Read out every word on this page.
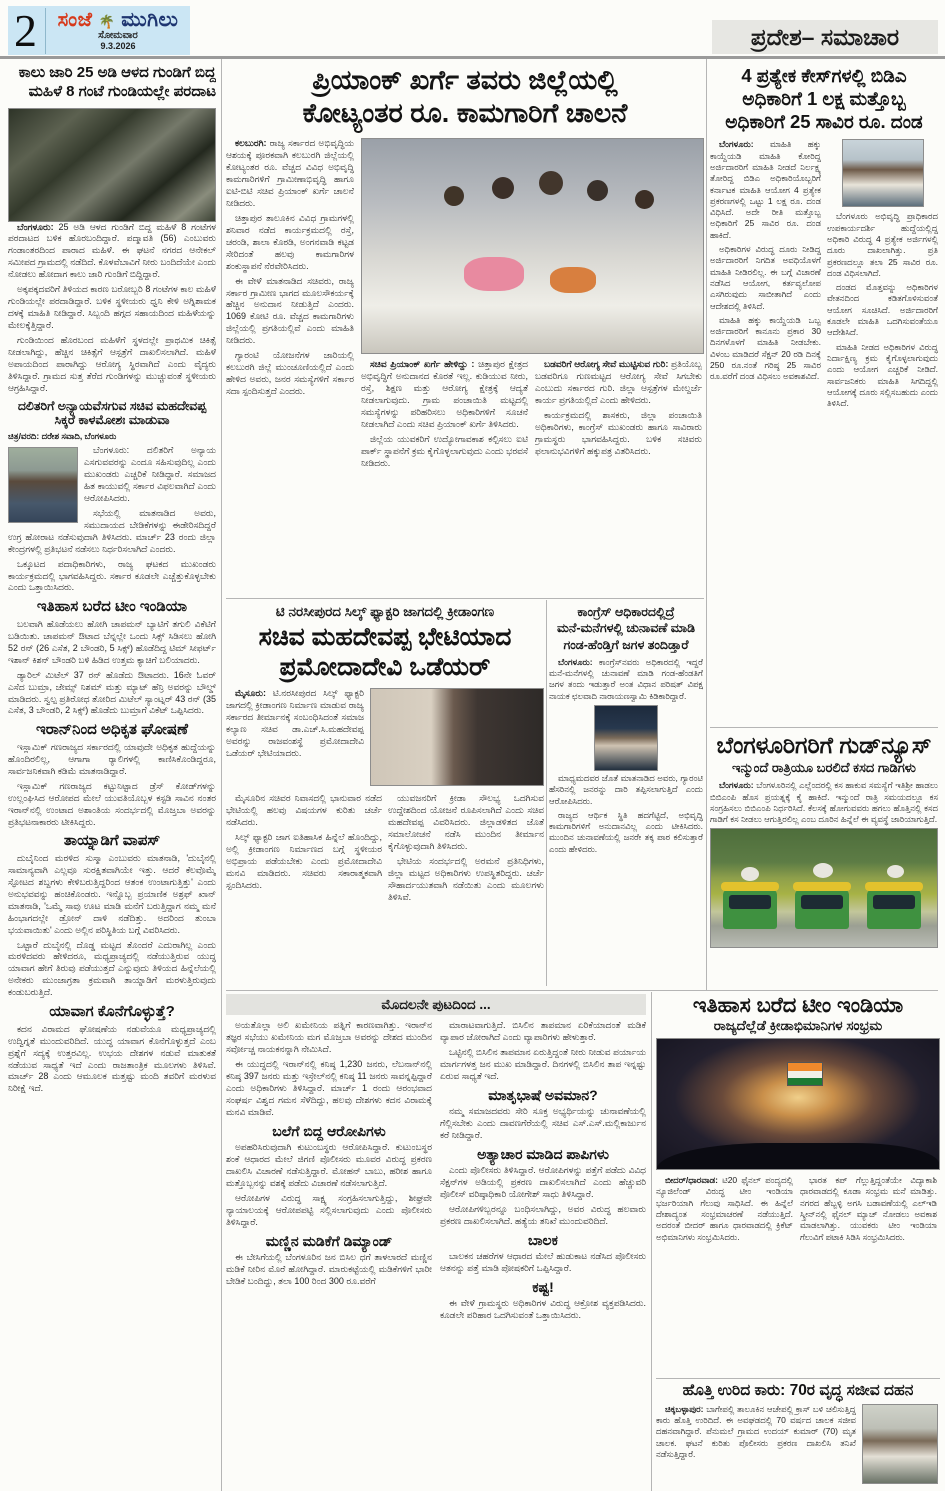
2	ಸಂಜೆ 🌴 ಮುಗಿಲು
ಸೋಮವಾರ
9.3.2026	ಪ್ರದೇಶ– ಸಮಾಚಾರ
ಕಾಲು ಜಾರಿ 25 ಅಡಿ ಆಳದ ಗುಂಡಿಗೆ ಬಿದ್ದ ಮಹಿಳೆ 8 ಗಂಟೆ ಗುಂಡಿಯಲ್ಲೇ ಪರದಾಟ

ಬೆಂಗಳೂರು: 25 ಅಡಿ ಆಳದ ಗುಂಡಿಗೆ ಬಿದ್ದ ಮಹಿಳೆ 8 ಗಂಟೆಗಳ ಪರದಾಟದ ಬಳಿಕ ಹೊರಬಂದಿದ್ದಾರೆ. ಪದ್ಮಾವತಿ (56) ಎಂಬುವರು ಗಂಡಾಂತರದಿಂದ ಪಾರಾದ ಮಹಿಳೆ. ಈ ಘಟನೆ ನಗರದ ಆನೇಕಲ್ ಸಮೀಪದ ಗ್ರಾಮದಲ್ಲಿ ನಡೆದಿದೆ. ಕೊಳವೆಬಾವಿಗೆ ನೀರು ಬಂದಿದೆಯೇ ಎಂದು ನೋಡಲು ಹೋದಾಗ ಕಾಲು ಜಾರಿ ಗುಂಡಿಗೆ ಬಿದ್ದಿದ್ದಾರೆ.

ಅಕ್ಕಪಕ್ಕದವರಿಗೆ ತಿಳಿಯದ ಕಾರಣ ಬರೋಬ್ಬರಿ 8 ಗಂಟೆಗಳ ಕಾಲ ಮಹಿಳೆ ಗುಂಡಿಯಲ್ಲೇ ಪರದಾಡಿದ್ದಾರೆ. ಬಳಿಕ ಸ್ಥಳೀಯರು ಧ್ವನಿ ಕೇಳಿ ಅಗ್ನಿಶಾಮಕ ದಳಕ್ಕೆ ಮಾಹಿತಿ ನೀಡಿದ್ದಾರೆ. ಸಿಬ್ಬಂದಿ ಹಗ್ಗದ ಸಹಾಯದಿಂದ ಮಹಿಳೆಯನ್ನು ಮೇಲಕ್ಕೆತ್ತಿದ್ದಾರೆ.

ಗುಂಡಿಯಿಂದ ಹೊರಬಂದ ಮಹಿಳೆಗೆ ಸ್ಥಳದಲ್ಲೇ ಪ್ರಾಥಮಿಕ ಚಿಕಿತ್ಸೆ ನೀಡಲಾಗಿದ್ದು, ಹೆಚ್ಚಿನ ಚಿಕಿತ್ಸೆಗೆ ಆಸ್ಪತ್ರೆಗೆ ದಾಖಲಿಸಲಾಗಿದೆ. ಮಹಿಳೆ ಅಪಾಯದಿಂದ ಪಾರಾಗಿದ್ದು ಆರೋಗ್ಯ ಸ್ಥಿರವಾಗಿದೆ ಎಂದು ವೈದ್ಯರು ತಿಳಿಸಿದ್ದಾರೆ. ಗ್ರಾಮದ ಸುತ್ತ ತೆರೆದ ಗುಂಡಿಗಳನ್ನು ಮುಚ್ಚುವಂತೆ ಸ್ಥಳೀಯರು ಆಗ್ರಹಿಸಿದ್ದಾರೆ.

ದಲಿತರಿಗೆ ಅನ್ಯಾಯವೆಸಗುವ ಸಚಿವ ಮಹದೇವಪ್ಪ ಸಿಕ್ಕರೆ ಕಾಳಮೋಶಃ ಮಾಡುವಾ
ಚಿತ್ರ/ವರದಿ: ದರೇಶ ಸವಾದಿ, ಬೆಂಗಳೂರು

ಬೆಂಗಳೂರು: ದಲಿತರಿಗೆ ಅನ್ಯಾಯ ಎಸಗುವವರನ್ನು ಎಂದೂ ಸಹಿಸುವುದಿಲ್ಲ ಎಂದು ಮುಖಂಡರು ಎಚ್ಚರಿಕೆ ನೀಡಿದ್ದಾರೆ. ಸಮಾಜದ ಹಿತ ಕಾಯುವಲ್ಲಿ ಸರ್ಕಾರ ವಿಫಲವಾಗಿದೆ ಎಂದು ಆರೋಪಿಸಿದರು.

ಸಭೆಯಲ್ಲಿ ಮಾತನಾಡಿದ ಅವರು, ಸಮುದಾಯದ ಬೇಡಿಕೆಗಳನ್ನು ಈಡೇರಿಸದಿದ್ದರೆ ಉಗ್ರ ಹೋರಾಟ ನಡೆಸುವುದಾಗಿ ತಿಳಿಸಿದರು. ಮಾರ್ಚ್ 23 ರಂದು ಜಿಲ್ಲಾ ಕೇಂದ್ರಗಳಲ್ಲಿ ಪ್ರತಿಭಟನೆ ನಡೆಸಲು ನಿರ್ಧರಿಸಲಾಗಿದೆ ಎಂದರು.

ಒಕ್ಕೂಟದ ಪದಾಧಿಕಾರಿಗಳು, ರಾಜ್ಯ ಘಟಕದ ಮುಖಂಡರು ಕಾರ್ಯಕ್ರಮದಲ್ಲಿ ಭಾಗವಹಿಸಿದ್ದರು. ಸರ್ಕಾರ ಕೂಡಲೇ ಎಚ್ಚೆತ್ತುಕೊಳ್ಳಬೇಕು ಎಂದು ಒತ್ತಾಯಿಸಿದರು.

ಇತಿಹಾಸ ಬರೆದ ಟೀಂ ಇಂಡಿಯಾ

ಬಲವಾಗಿ ಹೊಡೆಯಲು ಹೋಗಿ ಚಾಪಮನ್ ಬ್ಯಾಟಿಗೆ ತಗುಲಿ ವಿಕೆಟಿಗೆ ಬಡಿಯಿತು. ಚಾಪಮನ್ ಔಟಾದ ಬೆನ್ನಲ್ಲೇ ಒಂದು ಸಿಕ್ಸ್ ಸಿಡಿಸಲು ಹೋಗಿ 52 ರನ್ (26 ಎಸೆತ, 2 ಬೌಂಡರಿ, 5 ಸಿಕ್ಸ್) ಹೊಡೆದಿದ್ದ ಟಿಮ್ ಸೀಫರ್ಟ್ ಇಶಾನ್ ಕಿಶನ್ ಬೌಂಡರಿ ಬಳಿ ಹಿಡಿದ ಉತ್ತಮ ಕ್ಯಾಚಿಗೆ ಬಲಿಯಾದರು.

ಡ್ಯಾರಿಲ್ ಮಿಟೆಲ್ 37 ರನ್ ಹೊಡೆದು ಔಟಾದರು. 16ನೇ ಓವರ್ ಎಸೆದ ಬುಮ್ರಾ, ಜೇಮ್ಸ್ ನಿಶಮ್ ಮತ್ತು ಮ್ಯಾಟ್ ಹೆನ್ರಿ ಅವರನ್ನು ಬೌಲ್ಡ್ ಮಾಡಿದರು. ಸ್ವಲ್ಪ ಪ್ರತಿರೋಧ ತೋರಿದ ಮಿಟೆಲ್ ಸ್ಯಾಂಟ್ನರ್ 43 ರನ್ (35 ಎಸೆತ, 3 ಬೌಂಡರಿ, 2 ಸಿಕ್ಸ್) ಹೊಡೆದು ಬುಮ್ರಾಗೆ ವಿಕೆಟ್ ಒಪ್ಪಿಸಿದರು.

ಇರಾನ್‌ನಿಂದ ಅಧಿಕೃತ ಘೋಷಣೆ

ಇಸ್ಲಾಮಿಕ್ ಗಣರಾಜ್ಯದ ಸರ್ಕಾರದಲ್ಲಿ ಯಾವುದೇ ಅಧಿಕೃತ ಹುದ್ದೆಯನ್ನು ಹೊಂದಿರಲಿಲ್ಲ, ಆಗಾಗಾ ರ‍್ಯಾಲಿಗಳಲ್ಲಿ ಕಾಣಿಸಿಕೊಂಡಿದ್ದರೂ, ಸಾರ್ವಜನಿಕವಾಗಿ ಕಡಿಮೆ ಮಾತನಾಡಿದ್ದಾರೆ.

ಇಸ್ಲಾಮಿಕ್ ಗಣರಾಜ್ಯದ ಕಟ್ಟುನಿಟ್ಟಾದ ಡ್ರೆಸ್ ಕೋಡ್‌ಗಳನ್ನು ಉಲ್ಲಂಘಿಸಿದ ಆರೋಪದ ಮೇಲೆ ಯುವತಿಯೊಬ್ಬಳ ಕಸ್ಟಡಿ ಸಾವಿನ ನಂತರ ಇರಾನ್‌ನಲ್ಲಿ ಉಂಟಾದ ಅಶಾಂತಿಯ ಸಂದರ್ಭದಲ್ಲಿ ಮೊಜ್ತಬಾ ಅವರನ್ನು ಪ್ರತಿಭಟನಾಕಾರರು ಟೀಕಿಸಿದ್ದರು.

ತಾಯ್ನಾಡಿಗೆ ವಾಪಸ್

ದುಬೈನಿಂದ ಮರಳಿದ ಸುಸ್ಮಾ ಎಂಬುವರು ಮಾತನಾಡಿ, 'ದುಬೈನಲ್ಲಿ ಸಾಮಾನ್ಯವಾಗಿ ಎಲ್ಲವೂ ಸುರಕ್ಷಿತವಾಗಿಯೇ ಇತ್ತು. ಆದರೆ ಕೆಲವೊಮ್ಮೆ ಸ್ಫೋಟದ ಶಬ್ದಗಳು ಕೇಳಿಬರುತ್ತಿದ್ದರಿಂದ ಆತಂಕ ಉಂಟಾಗುತ್ತಿತ್ತು' ಎಂದು ಅನುಭವವನ್ನು ಹಂಚಿಕೊಂಡರು. ಇನ್ನೊಬ್ಬ ಪ್ರಯಾಣಿಕ ಅಶ್ರಫ್ ಖಾನ್ ಮಾತನಾಡಿ, 'ಒಮ್ಮೆ ಸಾವು ಊಟ ಮಾಡಿ ಮನೆಗೆ ಬರುತ್ತಿದ್ದಾಗ ನಮ್ಮ ಮನೆ ಹಿಂಭಾಗದಲ್ಲೇ ಡ್ರೋನ್ ದಾಳಿ ನಡೆದಿತ್ತು. ಅದರಿಂದ ತುಂಬಾ ಭಯವಾಯಿತು' ಎಂದು ಅಲ್ಲಿನ ಪರಿಸ್ಥಿತಿಯ ಬಗ್ಗೆ ವಿವರಿಸಿದರು.

ಒಟ್ಟಾರೆ ದುಬೈನಲ್ಲಿ ದೊಡ್ಡ ಮಟ್ಟದ ತೊಂದರೆ ಎದುರಾಗಿಲ್ಲ ಎಂದು ಮರಳಿದವರು ಹೇಳಿದರೂ, ಮಧ್ಯಪ್ರಾಚ್ಯದಲ್ಲಿ ನಡೆಯುತ್ತಿರುವ ಯುದ್ಧ ಯಾವಾಗ ಹೇಗೆ ತಿರುವು ಪಡೆಯುತ್ತದೆ ಎನ್ನುವುದು ತಿಳಿಯದ ಹಿನ್ನೆಲೆಯಲ್ಲಿ ಅನೇಕರು ಮುಂಜಾಗ್ರತಾ ಕ್ರಮವಾಗಿ ತಾಯ್ನಾಡಿಗೆ ಮರಳುತ್ತಿರುವುದು ಕಂಡುಬರುತ್ತಿದೆ.

ಯಾವಾಗ ಕೊನೆಗೊಳ್ಳುತ್ತೆ?

ಕದನ ವಿರಾಮದ ಘೋಷಣೆಯ ನಡುವೆಯೂ ಮಧ್ಯಪ್ರಾಚ್ಯದಲ್ಲಿ ಉದ್ವಿಗ್ನತೆ ಮುಂದುವರಿದಿದೆ. ಯುದ್ಧ ಯಾವಾಗ ಕೊನೆಗೊಳ್ಳುತ್ತದೆ ಎಂಬ ಪ್ರಶ್ನೆಗೆ ಸದ್ಯಕ್ಕೆ ಉತ್ತರವಿಲ್ಲ. ಉಭಯ ದೇಶಗಳ ನಡುವೆ ಮಾತುಕತೆ ನಡೆಯುವ ಸಾಧ್ಯತೆ ಇದೆ ಎಂದು ರಾಜತಾಂತ್ರಿಕ ಮೂಲಗಳು ತಿಳಿಸಿವೆ. ಮಾರ್ಚ್ 28 ಎಂದು ಆಮೂಲಕ ಮತ್ತಷ್ಟು ಮಂದಿ ತವರಿಗೆ ಮರಳುವ ನಿರೀಕ್ಷೆ ಇದೆ.

ಪ್ರಿಯಾಂಕ್ ಖರ್ಗೆ ತವರು ಜಿಲ್ಲೆಯಲ್ಲಿ
ಕೋಟ್ಯಂತರ ರೂ. ಕಾಮಗಾರಿಗೆ ಚಾಲನೆ

ಕಲಬುರಗಿ: ರಾಜ್ಯ ಸರ್ಕಾರದ ಅಭಿವೃದ್ಧಿಯ ಆಶಯಕ್ಕೆ ಪೂರಕವಾಗಿ ಕಲಬುರಗಿ ಜಿಲ್ಲೆಯಲ್ಲಿ ಕೋಟ್ಯಂತರ ರೂ. ವೆಚ್ಚದ ವಿವಿಧ ಅಭಿವೃದ್ಧಿ ಕಾಮಗಾರಿಗಳಿಗೆ ಗ್ರಾಮೀಣಾಭಿವೃದ್ಧಿ ಹಾಗೂ ಐಟಿ-ಬಿಟಿ ಸಚಿವ ಪ್ರಿಯಾಂಕ್ ಖರ್ಗೆ ಚಾಲನೆ ನೀಡಿದರು.

ಚಿತ್ತಾಪುರ ತಾಲೂಕಿನ ವಿವಿಧ ಗ್ರಾಮಗಳಲ್ಲಿ ಶನಿವಾರ ನಡೆದ ಕಾರ್ಯಕ್ರಮದಲ್ಲಿ ರಸ್ತೆ, ಚರಂಡಿ, ಶಾಲಾ ಕೊಠಡಿ, ಅಂಗನವಾಡಿ ಕಟ್ಟಡ ಸೇರಿದಂತೆ ಹಲವು ಕಾಮಗಾರಿಗಳ ಶಂಕುಸ್ಥಾಪನೆ ನೆರವೇರಿಸಿದರು.

ಈ ವೇಳೆ ಮಾತನಾಡಿದ ಸಚಿವರು, ರಾಜ್ಯ ಸರ್ಕಾರ ಗ್ರಾಮೀಣ ಭಾಗದ ಮೂಲಸೌಕರ್ಯಕ್ಕೆ ಹೆಚ್ಚಿನ ಅನುದಾನ ನೀಡುತ್ತಿದೆ ಎಂದರು. 1069 ಕೋಟಿ ರೂ. ವೆಚ್ಚದ ಕಾಮಗಾರಿಗಳು ಜಿಲ್ಲೆಯಲ್ಲಿ ಪ್ರಗತಿಯಲ್ಲಿವೆ ಎಂದು ಮಾಹಿತಿ ನೀಡಿದರು.

ಗ್ಯಾರಂಟಿ ಯೋಜನೆಗಳ ಜಾರಿಯಲ್ಲಿ ಕಲಬುರಗಿ ಜಿಲ್ಲೆ ಮುಂಚೂಣಿಯಲ್ಲಿದೆ ಎಂದು ಹೇಳಿದ ಅವರು, ಜನರ ಸಮಸ್ಯೆಗಳಿಗೆ ಸರ್ಕಾರ ಸದಾ ಸ್ಪಂದಿಸುತ್ತದೆ ಎಂದರು.

ಸಚಿವ ಪ್ರಿಯಾಂಕ್ ಖರ್ಗೆ ಹೇಳಿದ್ದು : ಚಿತ್ತಾಪುರ ಕ್ಷೇತ್ರದ ಅಭಿವೃದ್ಧಿಗೆ ಅನುದಾನದ ಕೊರತೆ ಇಲ್ಲ. ಕುಡಿಯುವ ನೀರು, ರಸ್ತೆ, ಶಿಕ್ಷಣ ಮತ್ತು ಆರೋಗ್ಯ ಕ್ಷೇತ್ರಕ್ಕೆ ಆದ್ಯತೆ ನೀಡಲಾಗುವುದು. ಗ್ರಾಮ ಪಂಚಾಯಿತಿ ಮಟ್ಟದಲ್ಲಿ ಸಮಸ್ಯೆಗಳನ್ನು ಪರಿಹರಿಸಲು ಅಧಿಕಾರಿಗಳಿಗೆ ಸೂಚನೆ ನೀಡಲಾಗಿದೆ ಎಂದು ಸಚಿವ ಪ್ರಿಯಾಂಕ್ ಖರ್ಗೆ ತಿಳಿಸಿದರು.

ಜಿಲ್ಲೆಯ ಯುವಕರಿಗೆ ಉದ್ಯೋಗಾವಕಾಶ ಕಲ್ಪಿಸಲು ಐಟಿ ಪಾರ್ಕ್ ಸ್ಥಾಪನೆಗೆ ಕ್ರಮ ಕೈಗೊಳ್ಳಲಾಗುವುದು ಎಂದು ಭರವಸೆ ನೀಡಿದರು.

ಬಡವರಿಗೆ ಆರೋಗ್ಯ ಸೇವೆ ಮುಟ್ಟಿಸುವ ಗುರಿ: ಪ್ರತಿಯೊಬ್ಬ ಬಡವರಿಗೂ ಗುಣಮಟ್ಟದ ಆರೋಗ್ಯ ಸೇವೆ ಸಿಗಬೇಕು ಎಂಬುದು ಸರ್ಕಾರದ ಗುರಿ. ಜಿಲ್ಲಾ ಆಸ್ಪತ್ರೆಗಳ ಮೇಲ್ದರ್ಜೆ ಕಾರ್ಯ ಪ್ರಗತಿಯಲ್ಲಿದೆ ಎಂದು ಹೇಳಿದರು.

ಕಾರ್ಯಕ್ರಮದಲ್ಲಿ ಶಾಸಕರು, ಜಿಲ್ಲಾ ಪಂಚಾಯಿತಿ ಅಧಿಕಾರಿಗಳು, ಕಾಂಗ್ರೆಸ್ ಮುಖಂಡರು ಹಾಗೂ ಸಾವಿರಾರು ಗ್ರಾಮಸ್ಥರು ಭಾಗವಹಿಸಿದ್ದರು. ಬಳಿಕ ಸಚಿವರು ಫಲಾನುಭವಿಗಳಿಗೆ ಹಕ್ಕುಪತ್ರ ವಿತರಿಸಿದರು.

ಟಿ ನರಸೀಪುರದ ಸಿಲ್ಕ್ ಫ್ಯಾಕ್ಟರಿ ಜಾಗದಲ್ಲಿ ಕ್ರೀಡಾಂಗಣ
ಸಚಿವ ಮಹದೇವಪ್ಪ ಭೇಟಿಯಾದ
ಪ್ರಮೋದಾದೇವಿ ಒಡೆಯರ್

ಮೈಸೂರು: ಟಿ.ನರಸೀಪುರದ ಸಿಲ್ಕ್ ಫ್ಯಾಕ್ಟರಿ ಜಾಗದಲ್ಲಿ ಕ್ರೀಡಾಂಗಣ ನಿರ್ಮಾಣ ಮಾಡುವ ರಾಜ್ಯ ಸರ್ಕಾರದ ತೀರ್ಮಾನಕ್ಕೆ ಸಂಬಂಧಿಸಿದಂತೆ ಸಮಾಜ ಕಲ್ಯಾಣ ಸಚಿವ ಡಾ.ಎಚ್.ಸಿ.ಮಹದೇವಪ್ಪ ಅವರನ್ನು ರಾಜವಂಶಸ್ಥೆ ಪ್ರಮೋದಾದೇವಿ ಒಡೆಯರ್ ಭೇಟಿಯಾದರು.

ಮೈಸೂರಿನ ಸಚಿವರ ನಿವಾಸದಲ್ಲಿ ಭಾನುವಾರ ನಡೆದ ಭೇಟಿಯಲ್ಲಿ ಹಲವು ವಿಷಯಗಳ ಕುರಿತು ಚರ್ಚೆ ನಡೆಸಿದರು.

ಸಿಲ್ಕ್ ಫ್ಯಾಕ್ಟರಿ ಜಾಗ ಐತಿಹಾಸಿಕ ಹಿನ್ನೆಲೆ ಹೊಂದಿದ್ದು, ಅಲ್ಲಿ ಕ್ರೀಡಾಂಗಣ ನಿರ್ಮಾಣದ ಬಗ್ಗೆ ಸ್ಥಳೀಯರ ಅಭಿಪ್ರಾಯ ಪಡೆಯಬೇಕು ಎಂದು ಪ್ರಮೋದಾದೇವಿ ಮನವಿ ಮಾಡಿದರು. ಸಚಿವರು ಸಕಾರಾತ್ಮಕವಾಗಿ ಸ್ಪಂದಿಸಿದರು.

ಯುವಜನರಿಗೆ ಕ್ರೀಡಾ ಸೌಲಭ್ಯ ಒದಗಿಸುವ ಉದ್ದೇಶದಿಂದ ಯೋಜನೆ ರೂಪಿಸಲಾಗಿದೆ ಎಂದು ಸಚಿವ ಮಹದೇವಪ್ಪ ವಿವರಿಸಿದರು. ಜಿಲ್ಲಾಡಳಿತದ ಜೊತೆ ಸಮಾಲೋಚನೆ ನಡೆಸಿ ಮುಂದಿನ ತೀರ್ಮಾನ ಕೈಗೊಳ್ಳುವುದಾಗಿ ತಿಳಿಸಿದರು.

ಭೇಟಿಯ ಸಂದರ್ಭದಲ್ಲಿ ಅರಮನೆ ಪ್ರತಿನಿಧಿಗಳು, ಜಿಲ್ಲಾ ಮಟ್ಟದ ಅಧಿಕಾರಿಗಳು ಉಪಸ್ಥಿತರಿದ್ದರು. ಚರ್ಚೆ ಸೌಹಾರ್ದಯುತವಾಗಿ ನಡೆಯಿತು ಎಂದು ಮೂಲಗಳು ತಿಳಿಸಿವೆ.

ಕಾಂಗ್ರೆಸ್ ಆಧಿಕಾರದಲ್ಲಿದ್ರೆ
ಮನೆ-ಮನೆಗಳಲ್ಲಿ ಚುನಾವಣೆ ಮಾಡಿ
ಗಂಡ-ಹೆಂಡ್ತಿಗೆ ಜಗಳ ತಂದಿಡ್ತಾರೆ

ಬೆಂಗಳೂರು: ಕಾಂಗ್ರೆಸ್‌ನವರು ಅಧಿಕಾರದಲ್ಲಿ ಇದ್ದರೆ ಮನೆ-ಮನೆಗಳಲ್ಲಿ ಚುನಾವಣೆ ಮಾಡಿ ಗಂಡ-ಹೆಂಡತಿಗೆ ಜಗಳ ತಂದು ಇಡುತ್ತಾರೆ ಅಂತ ವಿಧಾನ ಪರಿಷತ್ ವಿಪಕ್ಷ ನಾಯಕ ಛಲವಾದಿ ನಾರಾಯಣಸ್ವಾಮಿ ಕಿಡಿಕಾರಿದ್ದಾರೆ.

ಮಾಧ್ಯಮದವರ ಜೊತೆ ಮಾತನಾಡಿದ ಅವರು, ಗ್ಯಾರಂಟಿ ಹೆಸರಿನಲ್ಲಿ ಜನರನ್ನು ದಾರಿ ತಪ್ಪಿಸಲಾಗುತ್ತಿದೆ ಎಂದು ಆರೋಪಿಸಿದರು.

ರಾಜ್ಯದ ಆರ್ಥಿಕ ಸ್ಥಿತಿ ಹದಗೆಟ್ಟಿದೆ, ಅಭಿವೃದ್ಧಿ ಕಾಮಗಾರಿಗಳಿಗೆ ಅನುದಾನವಿಲ್ಲ ಎಂದು ಟೀಕಿಸಿದರು. ಮುಂದಿನ ಚುನಾವಣೆಯಲ್ಲಿ ಜನರೇ ತಕ್ಕ ಪಾಠ ಕಲಿಸುತ್ತಾರೆ ಎಂದು ಹೇಳಿದರು.

4 ಪ್ರತ್ಯೇಕ ಕೇಸ್‌ಗಳಲ್ಲಿ ಬಿಡಿಎ
ಅಧಿಕಾರಿಗೆ 1 ಲಕ್ಷ ಮತ್ತೊಬ್ಬ
ಅಧಿಕಾರಿಗೆ 25 ಸಾವಿರ ರೂ. ದಂಡ

ಬೆಂಗಳೂರು: ಮಾಹಿತಿ ಹಕ್ಕು ಕಾಯ್ದೆಯಡಿ ಮಾಹಿತಿ ಕೋರಿದ್ದ ಅರ್ಜಿದಾರರಿಗೆ ಮಾಹಿತಿ ನೀಡದೆ ನಿರ್ಲಕ್ಷ್ಯ ತೋರಿದ್ದ ಬಿಡಿಎ ಅಧಿಕಾರಿಯೊಬ್ಬರಿಗೆ ಕರ್ನಾಟಕ ಮಾಹಿತಿ ಆಯೋಗ 4 ಪ್ರತ್ಯೇಕ ಪ್ರಕರಣಗಳಲ್ಲಿ ಒಟ್ಟು 1 ಲಕ್ಷ ರೂ. ದಂಡ ವಿಧಿಸಿದೆ. ಅದೇ ರೀತಿ ಮತ್ತೊಬ್ಬ ಅಧಿಕಾರಿಗೆ 25 ಸಾವಿರ ರೂ. ದಂಡ ಹಾಕಿದೆ.

ಅಧಿಕಾರಿಗಳ ವಿರುದ್ಧ ದೂರು ನೀಡಿದ್ದ ಅರ್ಜಿದಾರರಿಗೆ ನಿಗದಿತ ಅವಧಿಯೊಳಗೆ ಮಾಹಿತಿ ನೀಡಿರಲಿಲ್ಲ. ಈ ಬಗ್ಗೆ ವಿಚಾರಣೆ ನಡೆಸಿದ ಆಯೋಗ, ಕರ್ತವ್ಯಲೋಪ ಎಸಗಿರುವುದು ಸಾಬೀತಾಗಿದೆ ಎಂದು ಆದೇಶದಲ್ಲಿ ತಿಳಿಸಿದೆ.

ಮಾಹಿತಿ ಹಕ್ಕು ಕಾಯ್ದೆಯಡಿ ಒಬ್ಬ ಅರ್ಜಿದಾರರಿಗೆ ಕಾನೂನು ಪ್ರಕಾರ 30 ದಿನಗಳೊಳಗೆ ಮಾಹಿತಿ ನೀಡಬೇಕು. ವಿಳಂಬ ಮಾಡಿದರೆ ಸೆಕ್ಷನ್ 20 ರಡಿ ದಿನಕ್ಕೆ 250 ರೂ.ನಂತೆ ಗರಿಷ್ಠ 25 ಸಾವಿರ ರೂ.ವರೆಗೆ ದಂಡ ವಿಧಿಸಲು ಅವಕಾಶವಿದೆ.

ಬೆಂಗಳೂರು ಅಭಿವೃದ್ಧಿ ಪ್ರಾಧಿಕಾರದ ಉಪಕಾರ್ಯದರ್ಶಿ ಹುದ್ದೆಯಲ್ಲಿದ್ದ ಅಧಿಕಾರಿ ವಿರುದ್ಧ 4 ಪ್ರತ್ಯೇಕ ಅರ್ಜಿಗಳಲ್ಲಿ ದೂರು ದಾಖಲಾಗಿತ್ತು. ಪ್ರತಿ ಪ್ರಕರಣದಲ್ಲೂ ತಲಾ 25 ಸಾವಿರ ರೂ. ದಂಡ ವಿಧಿಸಲಾಗಿದೆ.

ದಂಡದ ಮೊತ್ತವನ್ನು ಅಧಿಕಾರಿಗಳ ವೇತನದಿಂದ ಕಡಿತಗೊಳಿಸುವಂತೆ ಆಯೋಗ ಸೂಚಿಸಿದೆ. ಅರ್ಜಿದಾರರಿಗೆ ಕೂಡಲೇ ಮಾಹಿತಿ ಒದಗಿಸುವಂತೆಯೂ ಆದೇಶಿಸಿದೆ.

ಮಾಹಿತಿ ನೀಡದ ಅಧಿಕಾರಿಗಳ ವಿರುದ್ಧ ನಿರ್ದಾಕ್ಷಿಣ್ಯ ಕ್ರಮ ಕೈಗೊಳ್ಳಲಾಗುವುದು ಎಂದು ಆಯೋಗ ಎಚ್ಚರಿಕೆ ನೀಡಿದೆ. ಸಾರ್ವಜನಿಕರು ಮಾಹಿತಿ ಸಿಗದಿದ್ದಲ್ಲಿ ಆಯೋಗಕ್ಕೆ ದೂರು ಸಲ್ಲಿಸಬಹುದು ಎಂದು ತಿಳಿಸಿದೆ.

ಬೆಂಗಳೂರಿಗರಿಗೆ ಗುಡ್‌ನ್ಯೂಸ್
ಇನ್ಮುಂದೆ ರಾತ್ರಿಯೂ ಬರಲಿದೆ ಕಸದ ಗಾಡಿಗಳು

ಬೆಂಗಳೂರು: ಬೆಂಗಳೂರಿನಲ್ಲಿ ಎಲ್ಲೆಂದರಲ್ಲಿ ಕಸ ಹಾಕುವ ಸಮಸ್ಯೆಗೆ ಇತಿಶ್ರೀ ಹಾಡಲು ಬಿಬಿಎಂಪಿ ಹೊಸ ಪ್ರಯತ್ನಕ್ಕೆ ಕೈ ಹಾಕಿದೆ. ಇನ್ಮುಂದೆ ರಾತ್ರಿ ಸಮಯದಲ್ಲೂ ಕಸ ಸಂಗ್ರಹಿಸಲು ಬಿಬಿಎಂಪಿ ನಿರ್ಧರಿಸಿದೆ. ಕೆಲಸಕ್ಕೆ ಹೋಗುವವರು ಹಗಲು ಹೊತ್ತಿನಲ್ಲಿ ಕಸದ ಗಾಡಿಗೆ ಕಸ ನೀಡಲು ಆಗುತ್ತಿರಲಿಲ್ಲ ಎಂಬ ದೂರಿನ ಹಿನ್ನೆಲೆ ಈ ವ್ಯವಸ್ಥೆ ಜಾರಿಯಾಗುತ್ತಿದೆ.

ಮೊದಲನೇ ಪುಟದಿಂದ ...

ಅಯತೊಲ್ಲಾ ಅಲಿ ಖಮೇನಿಯ ಪತ್ನಿಗೆ ಕಾರಣವಾಗಿತ್ತು. ಇರಾನ್‌ನ ತಜ್ಞರ ಸಭೆಯು ಖಮೇನಿಯ ಮಗ ಮೊಜ್ತಬಾ ಅವರನ್ನು ದೇಶದ ಮುಂದಿನ ಸರ್ವೋಚ್ಚ ನಾಯಕನನ್ನಾಗಿ ನೇಮಿಸಿದೆ.

ಈ ಯುದ್ಧದಲ್ಲಿ ಇರಾನ್‌ನಲ್ಲಿ ಕನಿಷ್ಠ 1,230 ಜನರು, ಲೆಬನಾನ್‌ನಲ್ಲಿ ಕನಿಷ್ಠ 397 ಜನರು ಮತ್ತು ಇಸ್ರೇಲ್‌ನಲ್ಲಿ ಕನಿಷ್ಠ 11 ಜನರು ಸಾವನ್ನಪ್ಪಿದ್ದಾರೆ ಎಂದು ಅಧಿಕಾರಿಗಳು ತಿಳಿಸಿದ್ದಾರೆ. ಮಾರ್ಚ್ 1 ರಂದು ಆರಂಭವಾದ ಸಂಘರ್ಷ ವಿಶ್ವದ ಗಮನ ಸೆಳೆದಿದ್ದು, ಹಲವು ದೇಶಗಳು ಕದನ ವಿರಾಮಕ್ಕೆ ಮನವಿ ಮಾಡಿವೆ.

ಬಲೆಗೆ ಬಿದ್ದ ಆರೋಪಿಗಳು

ಅಪಹರಿಸಿರುವುದಾಗಿ ಕುಟುಂಬಸ್ಥರು ಆರೋಪಿಸಿದ್ದಾರೆ. ಕುಟುಂಬಸ್ಥರ ಶಂಕೆ ಆಧಾರದ ಮೇಲೆ ಜಿಗಣಿ ಪೊಲೀಸರು ಮೂವರ ವಿರುದ್ಧ ಪ್ರಕರಣ ದಾಖಲಿಸಿ ವಿಚಾರಣೆ ನಡೆಸುತ್ತಿದ್ದಾರೆ. ಮೋಹನ್ ಬಾಬು, ಹರೀಶ ಹಾಗೂ ಮತ್ತೊಬ್ಬನನ್ನು ವಶಕ್ಕೆ ಪಡೆದು ವಿಚಾರಣೆ ನಡೆಸಲಾಗುತ್ತಿದೆ.

ಆರೋಪಿಗಳ ವಿರುದ್ಧ ಸಾಕ್ಷ್ಯ ಸಂಗ್ರಹಿಸಲಾಗುತ್ತಿದ್ದು, ಶೀಘ್ರವೇ ನ್ಯಾಯಾಲಯಕ್ಕೆ ಆರೋಪಪಟ್ಟಿ ಸಲ್ಲಿಸಲಾಗುವುದು ಎಂದು ಪೊಲೀಸರು ತಿಳಿಸಿದ್ದಾರೆ.

ಮಣ್ಣಿನ ಮಡಿಕೆಗೆ ಡಿಮ್ಯಾಂಡ್

ಈ ಬೇಸಿಗೆಯಲ್ಲಿ ಬೆಂಗಳೂರಿನ ಜನ ಬಿಸಿಲ ಧಗೆ ತಾಳಲಾರದೆ ಮಣ್ಣಿನ ಮಡಿಕೆ ನೀರಿನ ಮೊರೆ ಹೋಗಿದ್ದಾರೆ. ಮಾರುಕಟ್ಟೆಯಲ್ಲಿ ಮಡಿಕೆಗಳಿಗೆ ಭಾರೀ ಬೇಡಿಕೆ ಬಂದಿದ್ದು, ತಲಾ 100 ರಿಂದ 300 ರೂ.ವರೆಗೆ

ಮಾರಾಟವಾಗುತ್ತಿದೆ. ಬಿಸಿಲಿನ ತಾಪಮಾನ ಏರಿಕೆಯಾದಂತೆ ಮಡಿಕೆ ವ್ಯಾಪಾರ ಜೋರಾಗಿದೆ ಎಂದು ವ್ಯಾಪಾರಿಗಳು ಹೇಳುತ್ತಾರೆ.

ಒಟ್ಟಿನಲ್ಲಿ ಬಿಸಿಲಿನ ತಾಪಮಾನ ಏರುತ್ತಿದ್ದಂತೆ ನೀರು ನೀಡುವ ಪರ್ಯಾಯ ಮಾರ್ಗಗಳತ್ತ ಜನ ಮುಖ ಮಾಡಿದ್ದಾರೆ. ದಿನಗಳಲ್ಲಿ ಬಿಸಿಲಿನ ತಾಪ ಇನ್ನಷ್ಟು ಏರುವ ಸಾಧ್ಯತೆ ಇದೆ.

ಮಾತೃಭಾಷೆ ಅವಮಾನ?

ನಮ್ಮ ಸಮಾಜದವರು ಸೇರಿ ಸೂಕ್ತ ಅಭ್ಯರ್ಥಿಯನ್ನು ಚುನಾವಣೆಯಲ್ಲಿ ಗೆಲ್ಲಿಸಬೇಕು ಎಂದು ದಾವಣಗೆರೆಯಲ್ಲಿ ಸಚಿವ ಎಸ್.ಎಸ್.ಮಲ್ಲಿಕಾರ್ಜುನ ಕರೆ ನೀಡಿದ್ದಾರೆ.

ಅತ್ಯಾಚಾರ ಮಾಡಿದ ಪಾಪಿಗಳು

ಎಂದು ಪೊಲೀಸರು ತಿಳಿಸಿದ್ದಾರೆ. ಆರೋಪಿಗಳನ್ನು ಪತ್ತೆಗೆ ಪಡೆದು ವಿವಿಧ ಸೆಕ್ಷನ್‌ಗಳ ಅಡಿಯಲ್ಲಿ ಪ್ರಕರಣ ದಾಖಲಿಸಲಾಗಿದೆ ಎಂದು ಹೆಚ್ಚುವರಿ ಪೊಲೀಸ್ ವರಿಷ್ಠಾಧಿಕಾರಿ ಯೋಗೇಶ್ ಸಾಧು ತಿಳಿಸಿದ್ದಾರೆ.

ಆರೋಪಿಗಳಿಬ್ಬರನ್ನೂ ಬಂಧಿಸಲಾಗಿದ್ದು, ಅವರ ವಿರುದ್ಧ ಹಲವಾರು ಪ್ರಕರಣ ದಾಖಲಿಸಲಾಗಿದೆ. ಹತ್ಯೆಯ ತನಿಖೆ ಮುಂದುವರಿದಿದೆ.

ಬಾಲಕ

ಬಾಲಕನ ಚಹರೆಗಳ ಆಧಾರದ ಮೇಲೆ ಹುಡುಕಾಟ ನಡೆಸಿದ ಪೊಲೀಸರು ಆತನನ್ನು ಪತ್ತೆ ಮಾಡಿ ಪೋಷಕರಿಗೆ ಒಪ್ಪಿಸಿದ್ದಾರೆ.

ಕಷ್ಟ!

ಈ ವೇಳೆ ಗ್ರಾಮಸ್ಥರು ಅಧಿಕಾರಿಗಳ ವಿರುದ್ಧ ಆಕ್ರೋಶ ವ್ಯಕ್ತಪಡಿಸಿದರು. ಕೂಡಲೇ ಪರಿಹಾರ ಒದಗಿಸುವಂತೆ ಒತ್ತಾಯಿಸಿದರು.

ಇತಿಹಾಸ ಬರೆದ ಟೀಂ ಇಂಡಿಯಾ
ರಾಜ್ಯದೆಲ್ಲೆಡೆ ಕ್ರೀಡಾಭಿಮಾನಿಗಳ ಸಂಭ್ರಮ

ಬೀದರ್/ಧಾರವಾಡ: ಟಿ20 ಫೈನಲ್ ಪಂದ್ಯದಲ್ಲಿ ನ್ಯೂಜಿಲೆಂಡ್ ವಿರುದ್ಧ ಟೀಂ ಇಂಡಿಯಾ ಭರ್ಜರಿಯಾಗಿ ಗೆಲುವು ಸಾಧಿಸಿದೆ. ಈ ಹಿನ್ನೆಲೆ ದೇಶಾದ್ಯಂತ ಸಂಭ್ರಮಾಚರಣೆ ನಡೆಯುತ್ತಿದೆ. ಅದರಂತೆ ಬೀದರ್ ಹಾಗೂ ಧಾರವಾಡದಲ್ಲಿ ಕ್ರಿಕೆಟ್ ಅಭಿಮಾನಿಗಳು ಸಂಭ್ರಮಿಸಿದರು.

ಭಾರತ ಕಪ್ ಗೆಲ್ಲುತ್ತಿದ್ದಂತೆಯೇ ವಿದ್ಯಾಕಾಶಿ ಧಾರವಾಡದಲ್ಲಿ ಕೂಡಾ ಸಂಭ್ರಮ ಮನೆ ಮಾಡಿತ್ತು. ನಗರದ ಹೆಬ್ಬಳ್ಳಿ ಅಗಸಿ ಬಡಾವಣೆಯಲ್ಲಿ ಎಲ್‌ಇಡಿ ಸ್ಕ್ರೀನ್‌ನಲ್ಲಿ ಫೈನಲ್ ಮ್ಯಾಚ್ ನೋಡಲು ಅವಕಾಶ ಮಾಡಲಾಗಿತ್ತು. ಯುವಕರು ಟೀಂ ಇಂಡಿಯಾ ಗೆಲುವಿಗೆ ಪಟಾಕಿ ಸಿಡಿಸಿ ಸಂಭ್ರಮಿಸಿದರು.

ಹೊತ್ತಿ ಉರಿದ ಕಾರು: 70ರ ವೃದ್ಧ ಸಜೀವ ದಹನ

ಚಿಕ್ಕಬಳ್ಳಾಪುರ: ಬಾಗೇಪಲ್ಲಿ ತಾಲೂಕಿನ ಆಚೇಪಲ್ಲಿ ಕ್ರಾಸ್ ಬಳಿ ಚಲಿಸುತ್ತಿದ್ದ ಕಾರು ಹೊತ್ತಿ ಉರಿದಿದೆ. ಈ ಅವಘಡದಲ್ಲಿ 70 ವರ್ಷದ ಚಾಲಕ ಸಜೀವ ದಹನವಾಗಿದ್ದಾರೆ. ಪೆನುಮಲೆ ಗ್ರಾಮದ ಉದಯ್ ಕುಮಾರ್ (70) ಮೃತ ಚಾಲಕ. ಘಟನೆ ಕುರಿತು ಪೊಲೀಸರು ಪ್ರಕರಣ ದಾಖಲಿಸಿ ತನಿಖೆ ನಡೆಸುತ್ತಿದ್ದಾರೆ.
